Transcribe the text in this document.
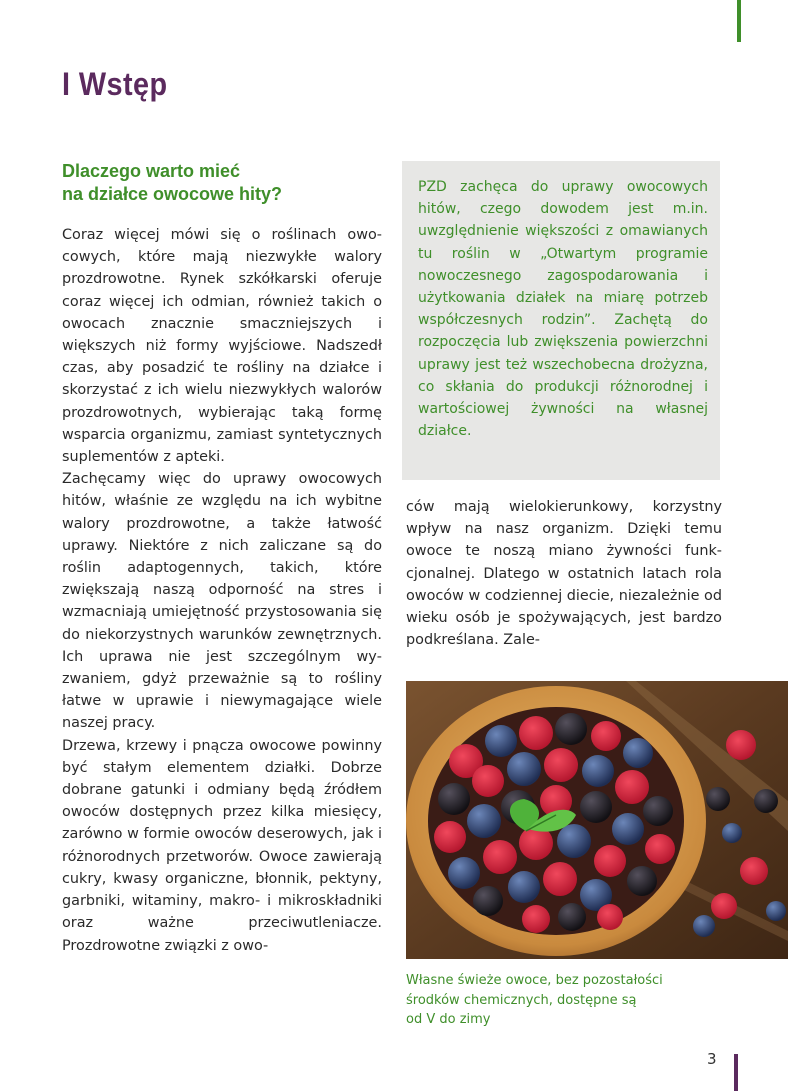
I Wstęp
Dlaczego warto mieć
na działce owocowe hity?

Coraz więcej mówi się o roślinach owocowych, które mają niezwykłe walory prozdrowotne. Rynek szkółkarski oferuje coraz więcej ich odmian, również takich o owocach znacznie smaczniejszych i większych niż formy wyjściowe. Nadszedł czas, aby posadzić te rośliny na działce i skorzystać z ich wielu niezwykłych walorów prozdrowotnych, wybierając taką formę wsparcia organizmu, zamiast syntetycznych suplementów z apteki.

Zachęcamy więc do uprawy owocowych hitów, właśnie ze względu na ich wybitne walory prozdrowotne, a także łatwość uprawy. Niektóre z nich zaliczane są do roślin adaptogennych, takich, które zwiększają naszą odporność na stres i wzmacniają umiejętność przystosowania się do niekorzystnych warunków zewnętrznych. Ich uprawa nie jest szczególnym wyzwaniem, gdyż przeważnie są to rośliny łatwe w uprawie i niewymagające wiele naszej pracy.

Drzewa, krzewy i pnącza owocowe powinny być stałym elementem działki. Dobrze dobrane gatunki i odmiany będą źródłem owoców dostępnych przez kilka miesięcy, zarówno w formie owoców deserowych, jak i różnorodnych przetworów. Owoce zawierają cukry, kwasy organiczne, błonnik, pektyny, garbniki, witaminy, makro- i mikroskładniki oraz ważne przeciwutleniacze. Prozdrowotne związki z owo-

PZD zachęca do uprawy owocowych hitów, czego dowodem jest m.in. uwzględnienie większości z omawianych tu roślin w „Otwartym programie nowoczesnego zagospodarowania i użytkowania działek na miarę potrzeb współczesnych rodzin”. Zachętą do rozpoczęcia lub zwiększenia powierzchni uprawy jest też wszechobecna drożyzna, co skłania do produkcji różnorodnej i wartościowej żywności na własnej działce.

ców mają wielokierunkowy, korzystny wpływ na nasz organizm. Dzięki temu owoce te noszą miano żywności funkcjonalnej. Dlatego w ostatnich latach rola owoców w codziennej diecie, niezależnie od wieku osób je spożywających, jest bardzo podkreślana. Zale-

Własne świeże owoce, bez pozostałości
środków chemicznych, dostępne są
od V do zimy
3
